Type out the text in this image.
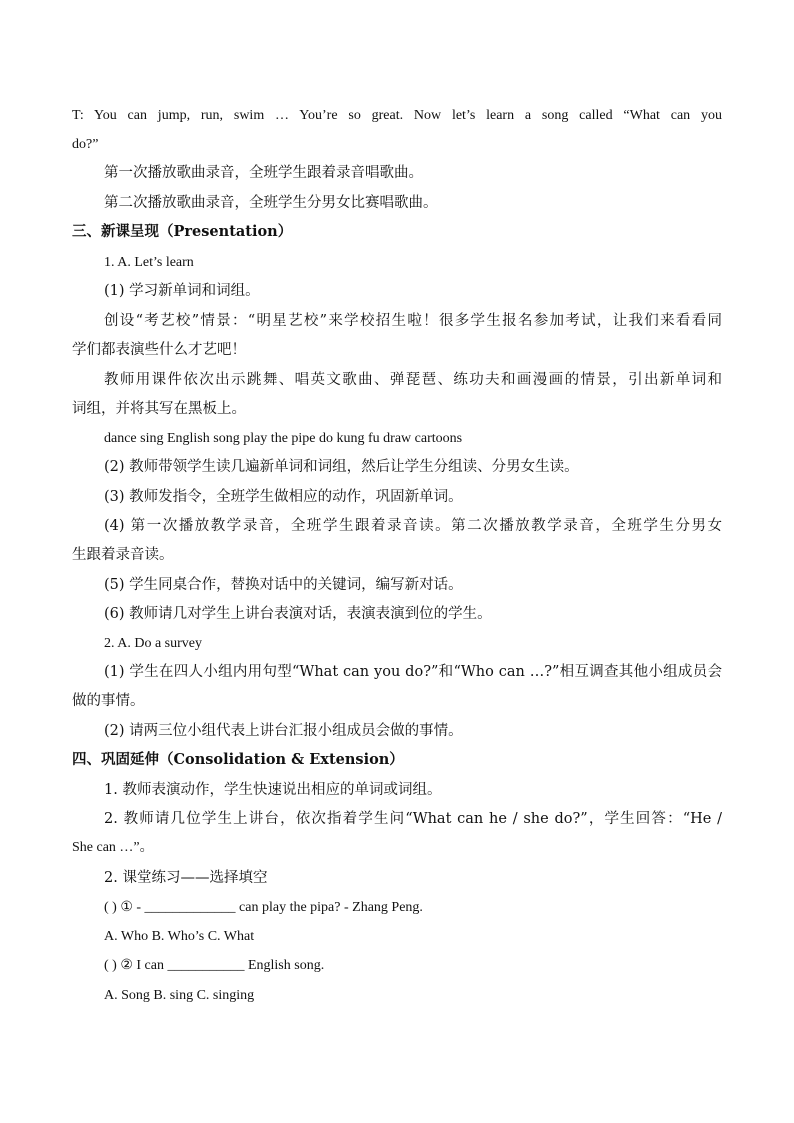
T: You can jump, run, swim … You’re so great. Now let’s learn a song called “What can you
do?”
第一次播放歌曲录音，全班学生跟着录音唱歌曲。
第二次播放歌曲录音，全班学生分男女比赛唱歌曲。
三、新课呈现（Presentation）
1. A. Let’s learn
(1) 学习新单词和词组。
创设“考艺校”情景：“明星艺校”来学校招生啦！很多学生报名参加考试，让我们来看看同
学们都表演些什么才艺吧！
教师用课件依次出示跳舞、唱英文歌曲、弹琵琶、练功夫和画漫画的情景，引出新单词和
词组，并将其写在黑板上。
dance sing English song play the pipe do kung fu draw cartoons
(2) 教师带领学生读几遍新单词和词组，然后让学生分组读、分男女生读。
(3) 教师发指令，全班学生做相应的动作，巩固新单词。
(4) 第一次播放教学录音，全班学生跟着录音读。第二次播放教学录音，全班学生分男女
生跟着录音读。
(5) 学生同桌合作，替换对话中的关键词，编写新对话。
(6) 教师请几对学生上讲台表演对话，表演表演到位的学生。
2. A. Do a survey
(1) 学生在四人小组内用句型“What can you do?”和“Who can …?”相互调查其他小组成员会
做的事情。
(2) 请两三位小组代表上讲台汇报小组成员会做的事情。
四、巩固延伸（Consolidation & Extension）
1. 教师表演动作，学生快速说出相应的单词或词组。
2. 教师请几位学生上讲台，依次指着学生问“What can he / she do?”，学生回答：“He /
She can …”。
2. 课堂练习——选择填空
( ) ① - _____________ can play the pipa? - Zhang Peng.
A. Who B. Who’s C. What
( ) ② I can ___________ English song.
A. Song B. sing C. singing
